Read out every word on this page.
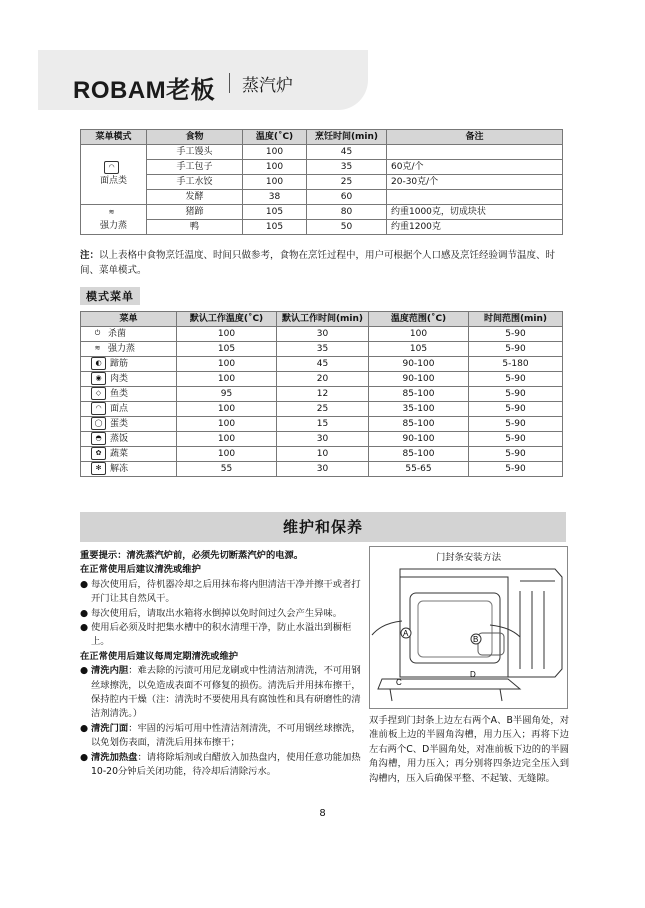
ROBAM老板 蒸汽炉
菜单模式	食物	温度(˚C)	烹饪时间(min)	备注
◠
面点类	手工馒头	100	45	
	手工包子	100	35	60克/个
	手工水饺	100	25	20-30克/个
	发酵	38	60	
≋
强力蒸	猪蹄	105	80	约重1000克，切成块状
	鸭	105	50	约重1200克
注：以上表格中食物烹饪温度、时间只做参考，食物在烹饪过程中，用户可根据个人口感及烹饪经验调节温度、时间、菜单模式。
模式菜单
菜单	默认工作温度(˚C)	默认工作时间(min)	温度范围(˚C)	时间范围(min)
⏻ 杀菌	100	30	100	5-90
≋ 强力蒸	105	35	105	5-90
◐ 蹄筋	100	45	90-100	5-180
◉ 肉类	100	20	90-100	5-90
◇ 鱼类	95	12	85-100	5-90
◠ 面点	100	25	35-100	5-90
◯ 蛋类	100	15	85-100	5-90
◓ 蒸饭	100	30	90-100	5-90
✿ 蔬菜	100	10	85-100	5-90
✻ 解冻	55	30	55-65	5-90
维护和保养

重要提示：清洗蒸汽炉前，必须先切断蒸汽炉的电源。

在正常使用后建议清洗或维护

● 每次使用后，待机器冷却之后用抹布将内胆清洁干净并擦干或者打开门让其自然风干。
● 每次使用后，请取出水箱将水倒掉以免时间过久会产生异味。
● 使用后必须及时把集水槽中的积水清理干净，防止水溢出到橱柜上。

在正常使用后建议每周定期清洗或维护

● 清洗内胆：难去除的污渍可用尼龙刷或中性清洁剂清洗，不可用钢丝球擦洗，以免造成表面不可修复的损伤。清洗后并用抹布擦干，保持腔内干燥（注：清洗时不要使用具有腐蚀性和具有研磨性的清洁剂清洗。）
● 清洗门面：牢固的污垢可用中性清洁剂清洗，不可用钢丝球擦洗，以免划伤表面，清洗后用抹布擦干；
● 清洗加热盘：请将除垢剂或白醋放入加热盘内，使用任意功能加热10-20分钟后关闭功能，待冷却后清除污水。
门封条安装方法
A
B
C
D
双手捏到门封条上边左右两个A、B半圆角处，对准前板上边的半圆角沟槽，用力压入；再将下边左右两个C、D半圆角处，对准前板下边的的半圆角沟槽，用力压入；再分别将四条边完全压入到沟槽内，压入后确保平整、不起皱、无缝隙。
8
